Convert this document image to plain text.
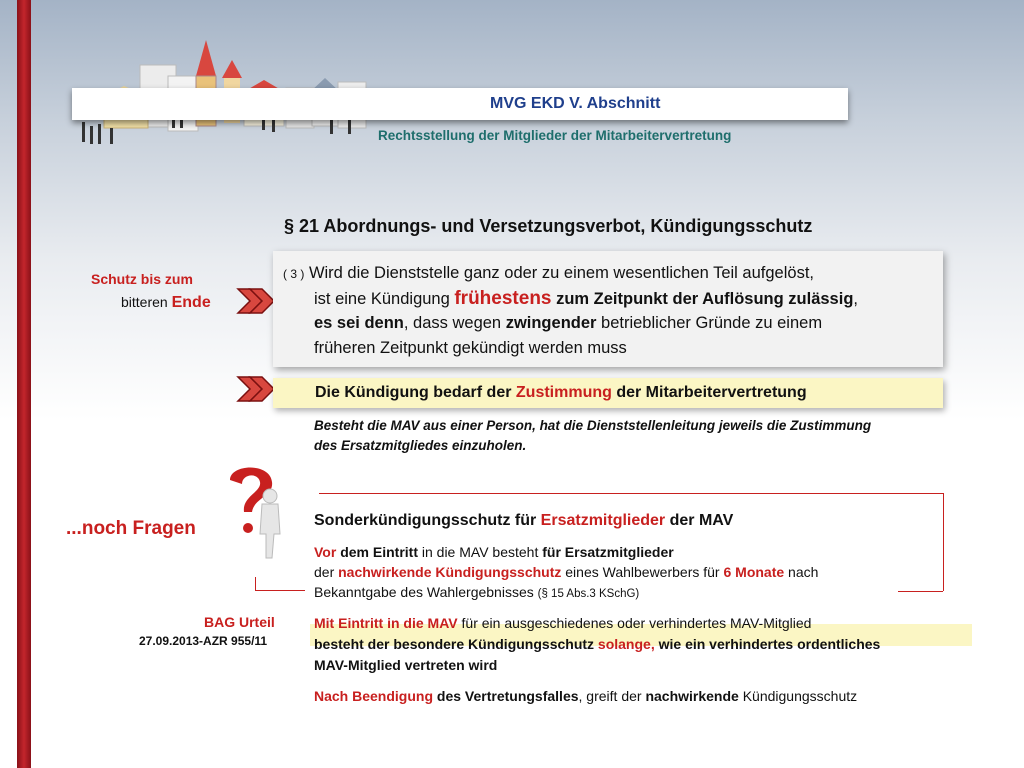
MVG EKD V. Abschnitt
Rechtsstellung der Mitglieder der Mitarbeitervertretung
§ 21 Abordnungs- und Versetzungsverbot, Kündigungsschutz
Schutz bis zum
bitteren Ende
( 3 ) Wird die Dienststelle ganz oder zu einem wesentlichen Teil aufgelöst,
ist eine Kündigung frühestens zum Zeitpunkt der Auflösung zulässig,
es sei denn, dass wegen zwingender betrieblicher Gründe zu einem
früheren Zeitpunkt gekündigt werden muss
Die Kündigung bedarf der Zustimmung der Mitarbeitervertretung
Besteht die MAV aus einer Person, hat die Dienststellenleitung jeweils die Zustimmung
des Ersatzmitgliedes einzuholen.
...noch Fragen	Sonderkündigungsschutz für Ersatzmitglieder der MAV
Vor dem Eintritt in die MAV besteht für Ersatzmitglieder
der nachwirkende Kündigungsschutz eines Wahlbewerbers für 6 Monate nach
Bekanntgabe des Wahlergebnisses (§ 15 Abs.3 KSchG)
BAG Urteil
27.09.2013-AZR 955/11
Mit Eintritt in die MAV für ein ausgeschiedenes oder verhindertes MAV-Mitglied
besteht der besondere Kündigungsschutz solange, wie ein verhindertes ordentliches
MAV-Mitglied vertreten wird
Nach Beendigung des Vertretungsfalles, greift der nachwirkende Kündigungsschutz
